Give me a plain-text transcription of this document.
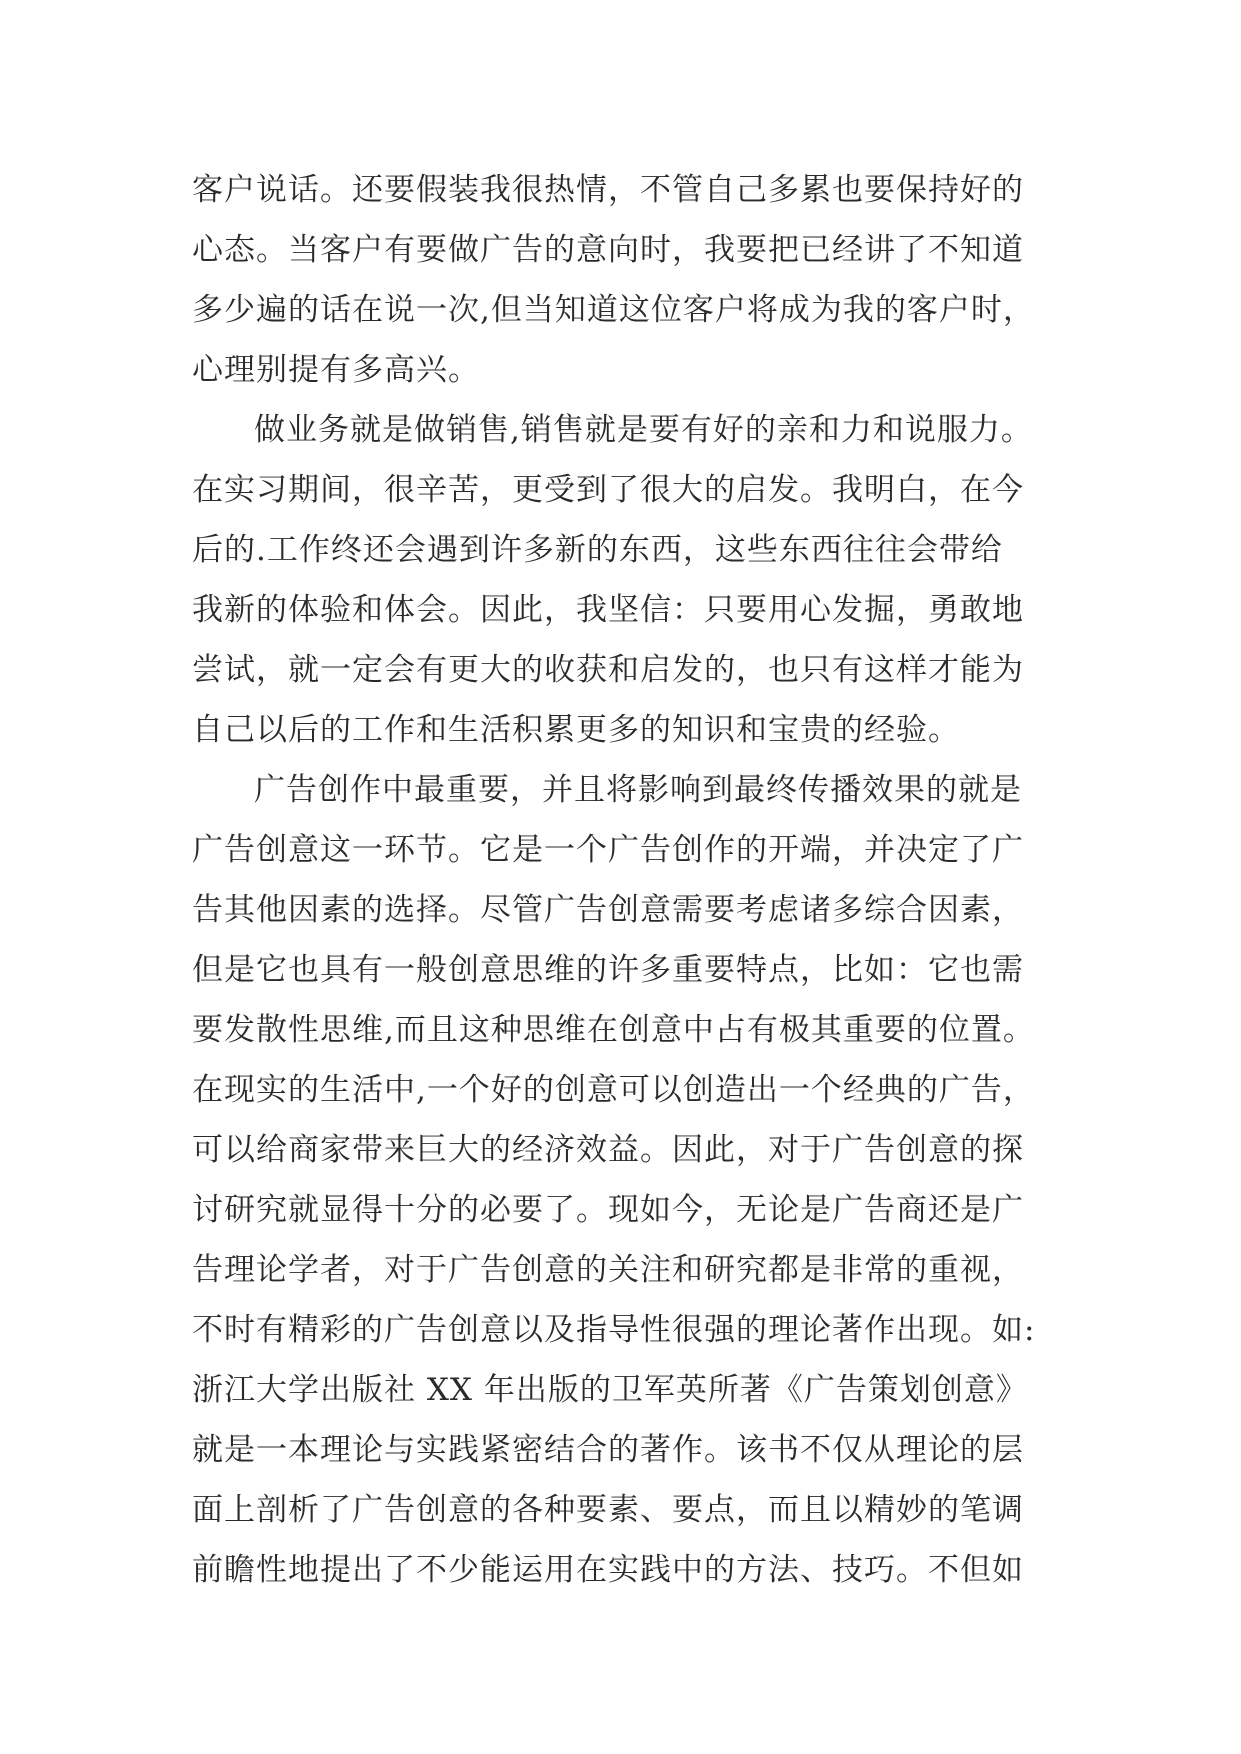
客户说话。还要假装我很热情，不管自己多累也要保持好的
心态。当客户有要做广告的意向时，我要把已经讲了不知道
多少遍的话在说一次,但当知道这位客户将成为我的客户时，
心理别提有多高兴。
做业务就是做销售,销售就是要有好的亲和力和说服力。
在实习期间，很辛苦，更受到了很大的启发。我明白，在今
后的.工作终还会遇到许多新的东西，这些东西往往会带给
我新的体验和体会。因此，我坚信：只要用心发掘，勇敢地
尝试，就一定会有更大的收获和启发的，也只有这样才能为
自己以后的工作和生活积累更多的知识和宝贵的经验。
广告创作中最重要，并且将影响到最终传播效果的就是
广告创意这一环节。它是一个广告创作的开端，并决定了广
告其他因素的选择。尽管广告创意需要考虑诸多综合因素，
但是它也具有一般创意思维的许多重要特点，比如：它也需
要发散性思维,而且这种思维在创意中占有极其重要的位置。
在现实的生活中,一个好的创意可以创造出一个经典的广告，
可以给商家带来巨大的经济效益。因此，对于广告创意的探
讨研究就显得十分的必要了。现如今，无论是广告商还是广
告理论学者，对于广告创意的关注和研究都是非常的重视，
不时有精彩的广告创意以及指导性很强的理论著作出现。如:
浙江大学出版社 XX 年出版的卫军英所著《广告策划创意》
就是一本理论与实践紧密结合的著作。该书不仅从理论的层
面上剖析了广告创意的各种要素、要点，而且以精妙的笔调
前瞻性地提出了不少能运用在实践中的方法、技巧。不但如
